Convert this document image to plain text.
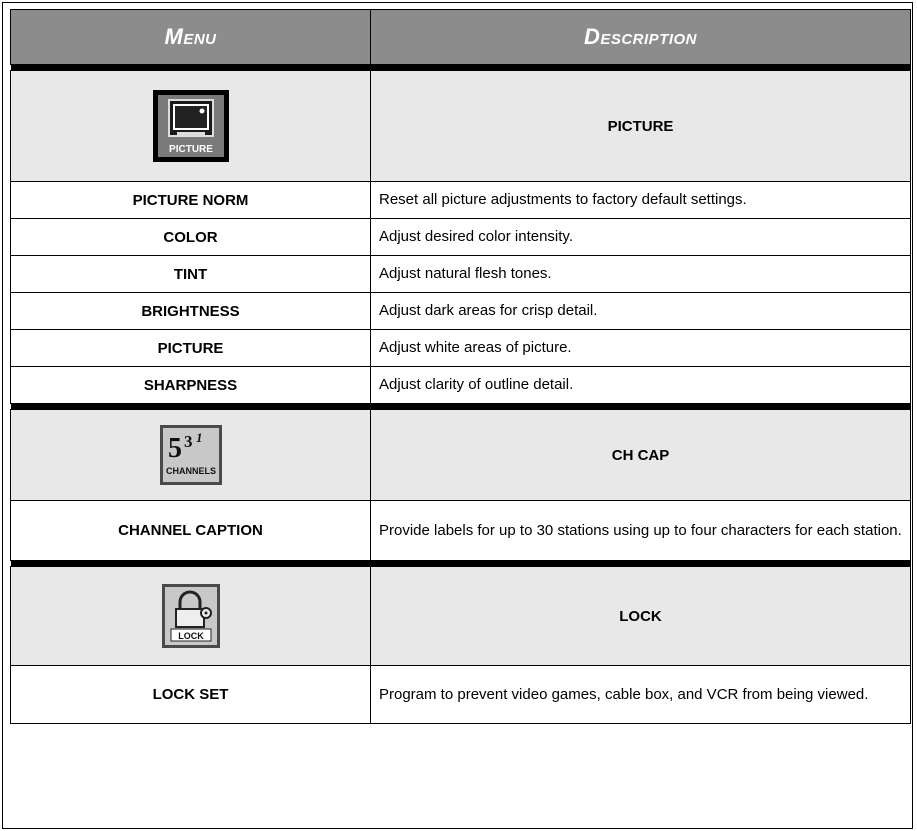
Menu	Description

PICTURE	PICTURE
PICTURE NORM	Reset all picture adjustments to factory default settings.
COLOR	Adjust desired color intensity.
TINT	Adjust natural flesh tones.
BRIGHTNESS	Adjust dark areas for crisp detail.
PICTURE	Adjust white areas of picture.
SHARPNESS	Adjust clarity of outline detail.

5 3 1
CHANNELS	CH CAP
CHANNEL CAPTION	Provide labels for up to 30 stations using up to four characters for each station.

LOCK	LOCK
LOCK SET	Program to prevent video games, cable box, and VCR from being viewed.
